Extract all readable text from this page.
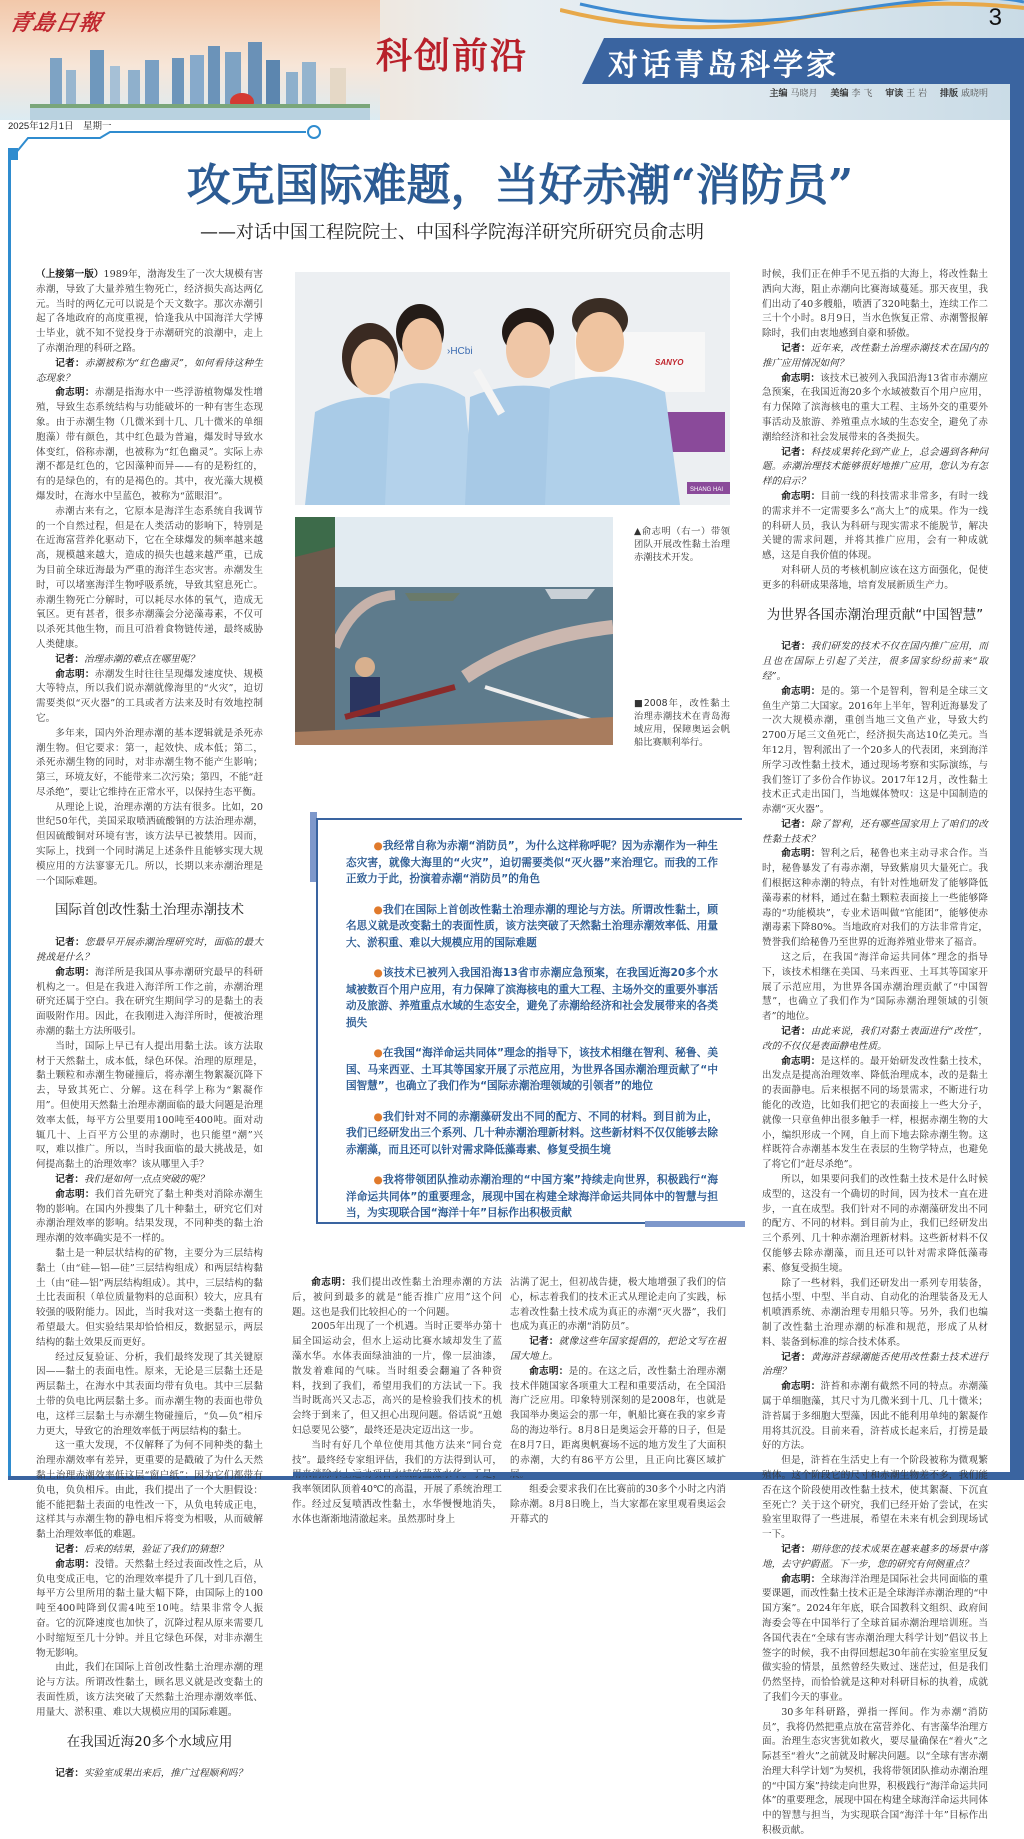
青島日報	3
科创前沿	对话青岛科学家
主编 马晓月 美编 李 飞 审读 王 岩 排版 戚晓明
2025年12月1日　星期一
攻克国际难题，当好赤潮“消防员”
——对话中国工程院院士、中国科学院海洋研究所研究员俞志明

（上接第一版）1989年，渤海发生了一次大规模有害赤潮，导致了大量养殖生物死亡，经济损失高达两亿元。当时的两亿元可以说是个天文数字。那次赤潮引起了各地政府的高度重视，恰逢我从中国海洋大学博士毕业，就不知不觉投身于赤潮研究的浪潮中，走上了赤潮治理的科研之路。

记者：赤潮被称为“红色幽灵”，如何看待这种生态现象？

俞志明：赤潮是指海水中一些浮游植物爆发性增殖，导致生态系统结构与功能破坏的一种有害生态现象。由于赤潮生物（几微米到十几、几十微米的单细胞藻）带有颜色，其中红色最为普遍，爆发时导致水体变红，俗称赤潮，也被称为“红色幽灵”。实际上赤潮不都是红色的，它因藻种而异——有的是粉红的，有的是绿色的，有的是褐色的。其中，夜光藻大规模爆发时，在海水中呈蓝色，被称为“蓝眼泪”。

赤潮古来有之，它原本是海洋生态系统自我调节的一个自然过程，但是在人类活动的影响下，特别是在近海富营养化驱动下，它在全球爆发的频率越来越高，规模越来越大，造成的损失也越来越严重，已成为目前全球近海最为严重的海洋生态灾害。赤潮发生时，可以堵塞海洋生物呼吸系统，导致其窒息死亡。赤潮生物死亡分解时，可以耗尽水体的氧气，造成无氧区。更有甚者，很多赤潮藻会分泌藻毒素，不仅可以杀死其他生物，而且可沿着食物链传递，最终威胁人类健康。

记者：治理赤潮的难点在哪里呢？

俞志明：赤潮发生时往往呈现爆发速度快、规模大等特点，所以我们说赤潮就像海里的“火灾”，迫切需要类似“灭火器”的工具或者方法来及时有效地控制它。

多年来，国内外治理赤潮的基本逻辑就是杀死赤潮生物。但它要求：第一，起效快、成本低；第二，杀死赤潮生物的同时，对非赤潮生物不能产生影响；第三，环境友好，不能带来二次污染；第四，不能“赶尽杀绝”，要让它维持在正常水平，以保持生态平衡。

从理论上说，治理赤潮的方法有很多。比如，20世纪50年代，美国采取喷洒硫酸铜的方法治理赤潮，但因硫酸铜对环境有害，该方法早已被禁用。因而，实际上，找到一个同时满足上述条件且能够实现大规模应用的方法寥寥无几。所以，长期以来赤潮治理是一个国际难题。

国际首创改性黏土治理赤潮技术

记者：您最早开展赤潮治理研究时，面临的最大挑战是什么？

俞志明：海洋所是我国从事赤潮研究最早的科研机构之一。但是在我进入海洋所工作之前，赤潮治理研究还属于空白。我在研究生期间学习的是黏土的表面吸附作用。因此，在我刚进入海洋所时，便被治理赤潮的黏土方法所吸引。

当时，国际上早已有人提出用黏土法。该方法取材于天然黏土，成本低，绿色环保。治理的原理是，黏土颗粒和赤潮生物碰撞后，将赤潮生物絮凝沉降下去，导致其死亡、分解。这在科学上称为“絮凝作用”。但使用天然黏土治理赤潮面临的最大问题是治理效率太低，每平方公里要用100吨至400吨。面对动辄几十、上百平方公里的赤潮时，也只能望“潮”兴叹，难以推广。所以，当时我面临的最大挑战是，如何提高黏土的治理效率？该从哪里入手？

记者：我们是如何一点点突破的呢？

俞志明：我们首先研究了黏土种类对消除赤潮生物的影响。在国内外搜集了几十种黏土，研究它们对赤潮治理效率的影响。结果发现，不同种类的黏土治理赤潮的效率确实是不一样的。

黏土是一种层状结构的矿物，主要分为三层结构黏土（由“硅—铝—硅”三层结构组成）和两层结构黏土（由“硅—铝”两层结构组成）。其中，三层结构的黏土比表面积（单位质量物料的总面积）较大，应具有较强的吸附能力。因此，当时我对这一类黏土抱有的希望最大。但实验结果却恰恰相反，数据显示，两层结构的黏土效果反而更好。

经过反复验证、分析，我们最终发现了其关键原因——黏土的表面电性。原来，无论是三层黏土还是两层黏土，在海水中其表面均带有负电。其中三层黏土带的负电比两层黏土多。而赤潮生物的表面也带负电，这样三层黏土与赤潮生物碰撞后，“负—负”相斥力更大，导致它的治理效率低于两层结构的黏土。

这一重大发现，不仅解释了为何不同种类的黏土治理赤潮效率有差异，更重要的是戳破了为什么天然黏土治理赤潮效率低这层“窗户纸”：因为它们都带有负电，负负相斥。由此，我们提出了一个大胆假设：能不能把黏土表面的电性改一下，从负电转成正电，这样其与赤潮生物的静电相斥将变为相吸，从而破解黏土治理效率低的难题。

记者：后来的结果，验证了我们的猜想？

俞志明：没错。天然黏土经过表面改性之后，从负电变成正电，它的治理效率提升了几十到几百倍，每平方公里所用的黏土量大幅下降，由国际上的100吨至400吨降到仅需4吨至10吨。结果非常令人振奋。它的沉降速度也加快了，沉降过程从原来需要几小时缩短至几十分钟。并且它绿色环保，对非赤潮生物无影响。

由此，我们在国际上首创改性黏土治理赤潮的理论与方法。所谓改性黏土，顾名思义就是改变黏土的表面性质，该方法突破了天然黏土治理赤潮效率低、用量大、淤积重、难以大规模应用的国际难题。

在我国近海20多个水域应用

记者：实验室成果出来后，推广过程顺利吗？

›HCbi
SANYO
SHANG HAI
▲俞志明（右一）带领团队开展改性黏土治理赤潮技术开发。
■2008年，改性黏土治理赤潮技术在青岛海域应用，保障奥运会帆船比赛顺利举行。
●我经常自称为赤潮“消防员”，为什么这样称呼呢？因为赤潮作为一种生态灾害，就像大海里的“火灾”，迫切需要类似“灭火器”来治理它。而我的工作正致力于此，扮演着赤潮“消防员”的角色
●我们在国际上首创改性黏土治理赤潮的理论与方法。所谓改性黏土，顾名思义就是改变黏土的表面性质，该方法突破了天然黏土治理赤潮效率低、用量大、淤积重、难以大规模应用的国际难题
●该技术已被列入我国沿海13省市赤潮应急预案，在我国近海20多个水域被数百个用户应用，有力保障了滨海核电的重大工程、主场外交的重要外事活动及旅游、养殖重点水域的生态安全，避免了赤潮给经济和社会发展带来的各类损失
●在我国“海洋命运共同体”理念的指导下，该技术相继在智利、秘鲁、美国、马来西亚、土耳其等国家开展了示范应用，为世界各国赤潮治理贡献了“中国智慧”，也确立了我们作为“国际赤潮治理领域的引领者”的地位
●我们针对不同的赤潮藻研发出不同的配方、不同的材料。到目前为止，我们已经研发出三个系列、几十种赤潮治理新材料。这些新材料不仅仅能够去除赤潮藻，而且还可以针对需求降低藻毒素、修复受损生境
●我将带领团队推动赤潮治理的“中国方案”持续走向世界，积极践行“海洋命运共同体”的重要理念，展现中国在构建全球海洋命运共同体中的智慧与担当，为实现联合国“海洋十年”目标作出积极贡献

俞志明：我们提出改性黏土治理赤潮的方法后，被问到最多的就是“能否推广应用”这个问题。这也是我们比较担心的一个问题。

2005年出现了一个机遇。当时正要举办第十届全国运动会，但水上运动比赛水域却发生了蓝藻水华。水体表面绿油油的一片，像一层油漆，散发着难闻的气味。当时组委会翻遍了各种资料，找到了我们，希望用我们的方法试一下。我当时既高兴又忐忑，高兴的是检验我们技术的机会终于到来了，但又担心出现问题。俗话说“丑媳妇总要见公婆”，最终还是决定迈出这一步。

当时有好几个单位使用其他方法来“同台竞技”。最终经专家组评估，我们的方法得到认可， 我率领团队顶着40℃的高温，开展了系统治理工作。经过反复喷洒改性黏土，水华慢慢地消失，水体也渐渐地清澈起来。虽然那时身上

沾满了泥土，但初战告捷，极大地增强了我们的信心，标志着我们的技术正式从理论走向了实践，标志着改性黏土技术成为真正的赤潮“灭火器”，我们也成为真正的赤潮“消防员”。

记者：就像这些年国家提倡的，把论文写在祖国大地上。

俞志明：是的。在这之后，改性黏土治理赤潮技术伴随国家各项重大工程和重要活动，在全国沿海广泛应用。印象特别深刻的是2008年，也就是我国举办奥运会的那一年，帆船比赛在我的家乡青岛的海边举行。8月8日是奥运会开幕的日子，但是在8月7日，距离奥帆赛场不远的地方发生了大面积的赤潮，大约有86平方公里，且正向比赛区域扩

组委会要求我们在比赛前的30多个小时之内消除赤潮。8月8日晚上，当大家都在家里观看奥运会开幕式的

时候，我们正在伸手不见五指的大海上，将改性黏土洒向大海，阻止赤潮向比赛海域蔓延。那天夜里，我们出动了40多艘船，喷洒了320吨黏土，连续工作二三十个小时。8月9日，当水色恢复正常、赤潮警报解除时，我们由衷地感到自豪和骄傲。

记者：近年来，改性黏土治理赤潮技术在国内的推广应用情况如何？

俞志明：该技术已被列入我国沿海13省市赤潮应急预案，在我国近海20多个水域被数百个用户应用，有力保障了滨海核电的重大工程、主场外交的重要外事活动及旅游、养殖重点水域的生态安全，避免了赤潮给经济和社会发展带来的各类损失。

记者：科技成果转化到产业上，总会遇到各种问题。赤潮治理技术能够很好地推广应用，您认为有怎样的启示？

俞志明：目前一线的科技需求非常多，有时一线的需求并不一定需要多么“高大上”的成果。作为一线的科研人员，我认为科研与现实需求不能脱节，解决关键的需求问题，并将其推广应用，会有一种成就感，这是自我价值的体现。

对科研人员的考核机制应该在这方面强化，促使更多的科研成果落地，培育发展新质生产力。

为世界各国赤潮治理贡献“中国智慧”

记者：我们研发的技术不仅在国内推广应用，而且也在国际上引起了关注，很多国家纷纷前来“取经”。

俞志明：是的。第一个是智利，智利是全球三文鱼生产第二大国家。2016年上半年，智利近海暴发了一次大规模赤潮，重创当地三文鱼产业，导致大约2700万尾三文鱼死亡，经济损失高达10亿美元。当年12月，智利派出了一个20多人的代表团，来到海洋所学习改性黏土技术，通过现场考察和实际演练，与我们签订了多份合作协议。2017年12月，改性黏土技术正式走出国门，当地媒体赞叹：这是中国制造的赤潮“灭火器”。

记者：除了智利，还有哪些国家用上了咱们的改性黏土技术？

俞志明：智利之后，秘鲁也来主动寻求合作。当时，秘鲁暴发了有毒赤潮，导致紫扇贝大量死亡。我们根据这种赤潮的特点，有针对性地研发了能够降低藻毒素的材料，通过在黏土颗粒表面接上一些能够降毒的“功能模块”，专业术语叫做“官能团”，能够使赤潮毒素下降80%。当地政府对我们的方法非常肯定，赞誉我们给秘鲁乃至世界的近海养殖业带来了福音。

这之后，在我国“海洋命运共同体”理念的指导下，该技术相继在美国、马来西亚、土耳其等国家开展了示范应用，为世界各国赤潮治理贡献了“中国智慧”，也确立了我们作为“国际赤潮治理领域的引领者”的地位。

记者：由此来说，我们对黏土表面进行“改性”，改的不仅仅是表面静电性质。

俞志明：是这样的。最开始研发改性黏土技术，出发点是提高治理效率、降低治理成本，改的是黏土的表面静电。后来根据不同的场景需求，不断进行功能化的改造，比如我们把它的表面接上一些大分子，就像一只章鱼伸出很多触手一样，根据赤潮生物的大小，编织形成一个网，自上而下地去除赤潮生物。这样既符合赤潮基本发生在表层的生物学特点，也避免了将它们“赶尽杀绝”。

所以，如果要问我们的改性黏土技术是什么时候成型的，这没有一个确切的时间，因为技术一直在进步，一直在成型。我们针对不同的赤潮藻研发出不同的配方、不同的材料。到目前为止，我们已经研发出三个系列、几十种赤潮治理新材料。这些新材料不仅仅能够去除赤潮藻，而且还可以针对需求降低藻毒素、修复受损生境。

除了一些材料，我们还研发出一系列专用装备，包括小型、中型、半自动、自动化的治理装备及无人机喷洒系统、赤潮治理专用船只等。另外，我们也编制了改性黏土治理赤潮的标准和规范，形成了从材料、装备到标准的综合技术体系。

记者：黄海浒苔绿潮能否使用改性黏土技术进行治理？

俞志明：浒苔和赤潮有截然不同的特点。赤潮藻属于单细胞藻，其尺寸为几微米到十几、几十微米；浒苔属于多细胞大型藻，因此不能利用单纯的絮凝作用将其沉没。目前来看，浒苔成长起来后，打捞是最好的方法。

但是，浒苔在生活史上有一个阶段被称为微观繁殖体。这个阶段它的尺寸和赤潮生物差不多，我们能否在这个阶段使用改性黏土技术，使其絮凝、下沉直至死亡？关于这个研究，我们已经开始了尝试，在实验室里取得了一些进展，希望在未来有机会到现场试一下。

记者：期待您的技术成果在越来越多的场景中落地，去守护蔚蓝。下一步，您的研究有何侧重点？

俞志明：全球海洋治理是国际社会共同面临的重要课题，而改性黏土技术正是全球海洋赤潮治理的“中国方案”。2024年年底，联合国教科文组织、政府间海委会等在中国举行了全球首届赤潮治理培训班。当各国代表在“全球有害赤潮治理大科学计划”倡议书上签字的时候，我不由得回想起30年前在实验室里反复做实验的情景，虽然曾经失败过、迷茫过，但是我们仍然坚持，而恰恰就是这种对科研目标的执着，成就了我们今天的事业。

30多年科研路，弹指一挥间。作为赤潮“消防员”，我将仍然把重点放在富营养化、有害藻华治理方面。治理生态灾害犹如救火，要尽量确保在“着火”之际甚至“着火”之前就及时解决问题。以“全球有害赤潮治理大科学计划”为契机，我将带领团队推动赤潮治理的“中国方案”持续走向世界，积极践行“海洋命运共同体”的重要理念，展现中国在构建全球海洋命运共同体中的智慧与担当，为实现联合国“海洋十年”目标作出积极贡献。
